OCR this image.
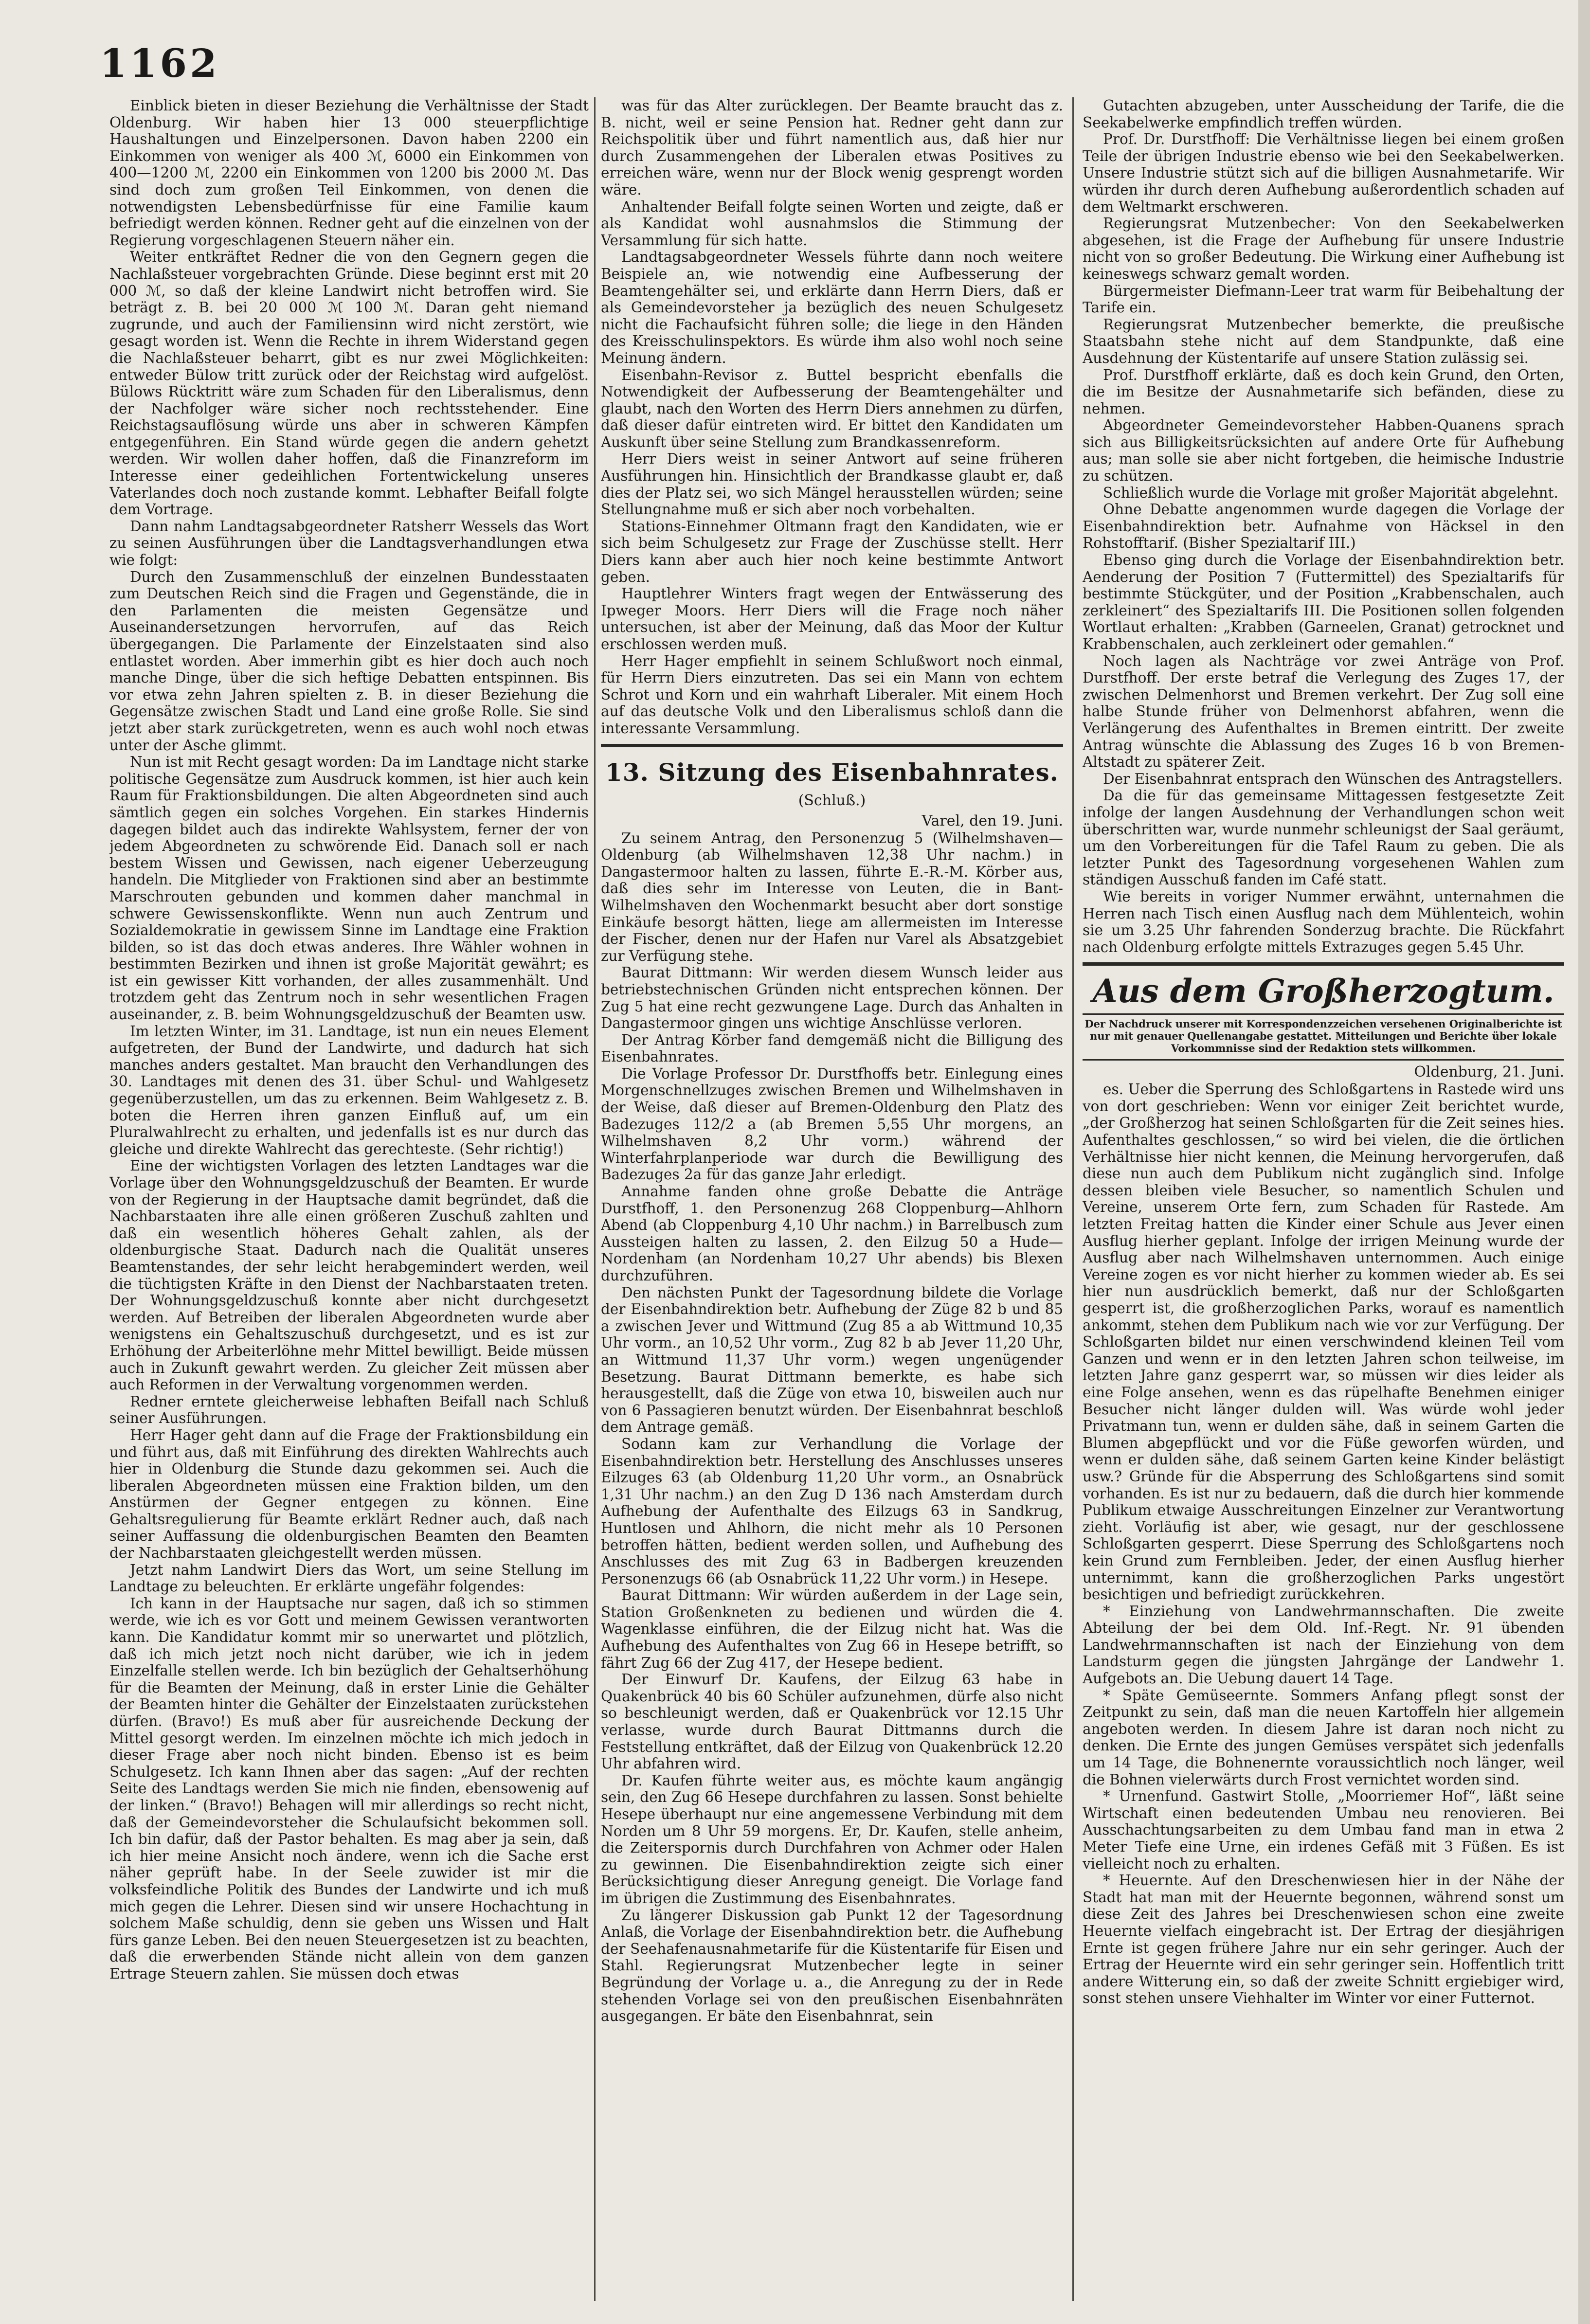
1162

Einblick bieten in dieser Beziehung die Verhältnisse der Stadt Oldenburg. Wir haben hier 13 000 steuerpflichtige Haushaltungen und Einzelpersonen. Davon haben 2200 ein Einkommen von weniger als 400 ℳ, 6000 ein Einkommen von 400—1200 ℳ, 2200 ein Einkommen von 1200 bis 2000 ℳ. Das sind doch zum großen Teil Einkommen, von denen die notwendigsten Lebensbedürfnisse für eine Familie kaum befriedigt werden können. Redner geht auf die einzelnen von der Regierung vorgeschlagenen Steuern näher ein.

Weiter entkräftet Redner die von den Gegnern gegen die Nachlaßsteuer vorgebrachten Gründe. Diese beginnt erst mit 20 000 ℳ, so daß der kleine Landwirt nicht betroffen wird. Sie beträgt z. B. bei 20 000 ℳ 100 ℳ. Daran geht niemand zugrunde, und auch der Familiensinn wird nicht zerstört, wie gesagt worden ist. Wenn die Rechte in ihrem Widerstand gegen die Nachlaßsteuer beharrt, gibt es nur zwei Möglichkeiten: entweder Bülow tritt zurück oder der Reichstag wird aufgelöst. Bülows Rücktritt wäre zum Schaden für den Liberalismus, denn der Nachfolger wäre sicher noch rechtsstehender. Eine Reichstagsauflösung würde uns aber in schweren Kämpfen entgegenführen. Ein Stand würde gegen die andern gehetzt werden. Wir wollen daher hoffen, daß die Finanzreform im Interesse einer gedeihlichen Fortentwickelung unseres Vaterlandes doch noch zustande kommt. Lebhafter Beifall folgte dem Vortrage.

Dann nahm Landtagsabgeordneter Ratsherr Wessels das Wort zu seinen Ausführungen über die Landtagsverhandlungen etwa wie folgt:

Durch den Zusammenschluß der einzelnen Bundesstaaten zum Deutschen Reich sind die Fragen und Gegenstände, die in den Parlamenten die meisten Gegensätze und Auseinandersetzungen hervorrufen, auf das Reich übergegangen. Die Parlamente der Einzelstaaten sind also entlastet worden. Aber immerhin gibt es hier doch auch noch manche Dinge, über die sich heftige Debatten entspinnen. Bis vor etwa zehn Jahren spielten z. B. in dieser Beziehung die Gegensätze zwischen Stadt und Land eine große Rolle. Sie sind jetzt aber stark zurückgetreten, wenn es auch wohl noch etwas unter der Asche glimmt.

Nun ist mit Recht gesagt worden: Da im Landtage nicht starke politische Gegensätze zum Ausdruck kommen, ist hier auch kein Raum für Fraktionsbildungen. Die alten Abgeordneten sind auch sämtlich gegen ein solches Vorgehen. Ein starkes Hindernis dagegen bildet auch das indirekte Wahlsystem, ferner der von jedem Abgeordneten zu schwörende Eid. Danach soll er nach bestem Wissen und Gewissen, nach eigener Ueberzeugung handeln. Die Mitglieder von Fraktionen sind aber an bestimmte Marschrouten gebunden und kommen daher manchmal in schwere Gewissenskonflikte. Wenn nun auch Zentrum und Sozialdemokratie in gewissem Sinne im Landtage eine Fraktion bilden, so ist das doch etwas anderes. Ihre Wähler wohnen in bestimmten Bezirken und ihnen ist große Majorität gewährt; es ist ein gewisser Kitt vorhanden, der alles zusammenhält. Und trotzdem geht das Zentrum noch in sehr wesentlichen Fragen auseinander, z. B. beim Wohnungsgeldzuschuß der Beamten usw.

Im letzten Winter, im 31. Landtage, ist nun ein neues Element aufgetreten, der Bund der Landwirte, und dadurch hat sich manches anders gestaltet. Man braucht den Verhandlungen des 30. Landtages mit denen des 31. über Schul- und Wahlgesetz gegenüberzustellen, um das zu erkennen. Beim Wahlgesetz z. B. boten die Herren ihren ganzen Einfluß auf, um ein Pluralwahlrecht zu erhalten, und jedenfalls ist es nur durch das gleiche und direkte Wahlrecht das gerechteste. (Sehr richtig!)

Eine der wichtigsten Vorlagen des letzten Landtages war die Vorlage über den Wohnungsgeldzuschuß der Beamten. Er wurde von der Regierung in der Hauptsache damit begründet, daß die Nachbarstaaten ihre alle einen größeren Zuschuß zahlten und daß ein wesentlich höheres Gehalt zahlen, als der oldenburgische Staat. Dadurch nach die Qualität unseres Beamtenstandes, der sehr leicht herabgemindert werden, weil die tüchtigsten Kräfte in den Dienst der Nachbarstaaten treten. Der Wohnungsgeldzuschuß konnte aber nicht durchgesetzt werden. Auf Betreiben der liberalen Abgeordneten wurde aber wenigstens ein Gehaltszuschuß durchgesetzt, und es ist zur Erhöhung der Arbeiterlöhne mehr Mittel bewilligt. Beide müssen auch in Zukunft gewahrt werden. Zu gleicher Zeit müssen aber auch Reformen in der Verwaltung vorgenommen werden.

Redner erntete gleicherweise lebhaften Beifall nach Schluß seiner Ausführungen.

Herr Hager geht dann auf die Frage der Fraktionsbildung ein und führt aus, daß mit Einführung des direkten Wahlrechts auch hier in Oldenburg die Stunde dazu gekommen sei. Auch die liberalen Abgeordneten müssen eine Fraktion bilden, um den Anstürmen der Gegner entgegen zu können. Eine Gehaltsregulierung für Beamte erklärt Redner auch, daß nach seiner Auffassung die oldenburgischen Beamten den Beamten der Nachbarstaaten gleichgestellt werden müssen.

Jetzt nahm Landwirt Diers das Wort, um seine Stellung im Landtage zu beleuchten. Er erklärte ungefähr folgendes:

Ich kann in der Hauptsache nur sagen, daß ich so stimmen werde, wie ich es vor Gott und meinem Gewissen verantworten kann. Die Kandidatur kommt mir so unerwartet und plötzlich, daß ich mich jetzt noch nicht darüber, wie ich in jedem Einzelfalle stellen werde. Ich bin bezüglich der Gehaltserhöhung für die Beamten der Meinung, daß in erster Linie die Gehälter der Beamten hinter die Gehälter der Einzelstaaten zurückstehen dürfen. (Bravo!) Es muß aber für ausreichende Deckung der Mittel gesorgt werden. Im einzelnen möchte ich mich jedoch in dieser Frage aber noch nicht binden. Ebenso ist es beim Schulgesetz. Ich kann Ihnen aber das sagen: „Auf der rechten Seite des Landtags werden Sie mich nie finden, ebensowenig auf der linken.“ (Bravo!) Behagen will mir allerdings so recht nicht, daß der Gemeindevorsteher die Schulaufsicht bekommen soll. Ich bin dafür, daß der Pastor behalten. Es mag aber ja sein, daß ich hier meine Ansicht noch ändere, wenn ich die Sache erst näher geprüft habe. In der Seele zuwider ist mir die volksfeindliche Politik des Bundes der Landwirte und ich muß mich gegen die Lehrer. Diesen sind wir unsere Hochachtung in solchem Maße schuldig, denn sie geben uns Wissen und Halt fürs ganze Leben. Bei den neuen Steuergesetzen ist zu beachten, daß die erwerbenden Stände nicht allein von dem ganzen Ertrage Steuern zahlen. Sie müssen doch etwas

was für das Alter zurücklegen. Der Beamte braucht das z. B. nicht, weil er seine Pension hat. Redner geht dann zur Reichspolitik über und führt namentlich aus, daß hier nur durch Zusammengehen der Liberalen etwas Positives zu erreichen wäre, wenn nur der Block wenig gesprengt worden wäre.

Anhaltender Beifall folgte seinen Worten und zeigte, daß er als Kandidat wohl ausnahmslos die Stimmung der Versammlung für sich hatte.

Landtagsabgeordneter Wessels führte dann noch weitere Beispiele an, wie notwendig eine Aufbesserung der Beamtengehälter sei, und erklärte dann Herrn Diers, daß er als Gemeindevorsteher ja bezüglich des neuen Schulgesetz nicht die Fachaufsicht führen solle; die liege in den Händen des Kreisschulinspektors. Es würde ihm also wohl noch seine Meinung ändern.

Eisenbahn-Revisor z. Buttel bespricht ebenfalls die Notwendigkeit der Aufbesserung der Beamtengehälter und glaubt, nach den Worten des Herrn Diers annehmen zu dürfen, daß dieser dafür eintreten wird. Er bittet den Kandidaten um Auskunft über seine Stellung zum Brandkassenreform.

Herr Diers weist in seiner Antwort auf seine früheren Ausführungen hin. Hinsichtlich der Brandkasse glaubt er, daß dies der Platz sei, wo sich Mängel herausstellen würden; seine Stellungnahme muß er sich aber noch vorbehalten.

Stations-Einnehmer Oltmann fragt den Kandidaten, wie er sich beim Schulgesetz zur Frage der Zuschüsse stellt. Herr Diers kann aber auch hier noch keine bestimmte Antwort geben.

Hauptlehrer Winters fragt wegen der Entwässerung des Ipweger Moors. Herr Diers will die Frage noch näher untersuchen, ist aber der Meinung, daß das Moor der Kultur erschlossen werden muß.

Herr Hager empfiehlt in seinem Schlußwort noch einmal, für Herrn Diers einzutreten. Das sei ein Mann von echtem Schrot und Korn und ein wahrhaft Liberaler. Mit einem Hoch auf das deutsche Volk und den Liberalismus schloß dann die interessante Versammlung.

13. Sitzung des Eisenbahnrates.
(Schluß.)
Varel, den 19. Juni.

Zu seinem Antrag, den Personenzug 5 (Wilhelmshaven—Oldenburg (ab Wilhelmshaven 12,38 Uhr nachm.) in Dangastermoor halten zu lassen, führte E.-R.-M. Körber aus, daß dies sehr im Interesse von Leuten, die in Bant-Wilhelmshaven den Wochenmarkt besucht aber dort sonstige Einkäufe besorgt hätten, liege am allermeisten im Interesse der Fischer, denen nur der Hafen nur Varel als Absatzgebiet zur Verfügung stehe.

Baurat Dittmann: Wir werden diesem Wunsch leider aus betriebstechnischen Gründen nicht entsprechen können. Der Zug 5 hat eine recht gezwungene Lage. Durch das Anhalten in Dangastermoor gingen uns wichtige Anschlüsse verloren.

Der Antrag Körber fand demgemäß nicht die Billigung des Eisenbahnrates.

Die Vorlage Professor Dr. Durstfhoffs betr. Einlegung eines Morgenschnellzuges zwischen Bremen und Wilhelmshaven in der Weise, daß dieser auf Bremen-Oldenburg den Platz des Badezuges 112/2 a (ab Bremen 5,55 Uhr morgens, an Wilhelmshaven 8,2 Uhr vorm.) während der Winterfahrplanperiode war durch die Bewilligung des Badezuges 2a für das ganze Jahr erledigt.

Annahme fanden ohne große Debatte die Anträge Durstfhoff, 1. den Personenzug 268 Cloppenburg—Ahlhorn Abend (ab Cloppenburg 4,10 Uhr nachm.) in Barrelbusch zum Aussteigen halten zu lassen, 2. den Eilzug 50 a Hude—Nordenham (an Nordenham 10,27 Uhr abends) bis Blexen durchzuführen.

Den nächsten Punkt der Tagesordnung bildete die Vorlage der Eisenbahndirektion betr. Aufhebung der Züge 82 b und 85 a zwischen Jever und Wittmund (Zug 85 a ab Wittmund 10,35 Uhr vorm., an 10,52 Uhr vorm., Zug 82 b ab Jever 11,20 Uhr, an Wittmund 11,37 Uhr vorm.) wegen ungenügender Besetzung. Baurat Dittmann bemerkte, es habe sich herausgestellt, daß die Züge von etwa 10, bisweilen auch nur von 6 Passagieren benutzt würden. Der Eisenbahnrat beschloß dem Antrage gemäß.

Sodann kam zur Verhandlung die Vorlage der Eisenbahndirektion betr. Herstellung des Anschlusses unseres Eilzuges 63 (ab Oldenburg 11,20 Uhr vorm., an Osnabrück 1,31 Uhr nachm.) an den Zug D 136 nach Amsterdam durch Aufhebung der Aufenthalte des Eilzugs 63 in Sandkrug, Huntlosen und Ahlhorn, die nicht mehr als 10 Personen betroffen hätten, bedient werden sollen, und Aufhebung des Anschlusses des mit Zug 63 in Badbergen kreuzenden Personenzugs 66 (ab Osnabrück 11,22 Uhr vorm.) in Hesepe.

Baurat Dittmann: Wir würden außerdem in der Lage sein, Station Großenkneten zu bedienen und würden die 4. Wagenklasse einführen, die der Eilzug nicht hat. Was die Aufhebung des Aufenthaltes von Zug 66 in Hesepe betrifft, so fährt Zug 66 der Zug 417, der Hesepe bedient.

Der Einwurf Dr. Kaufens, der Eilzug 63 habe in Quakenbrück 40 bis 60 Schüler aufzunehmen, dürfe also nicht so beschleunigt werden, daß er Quakenbrück vor 12.15 Uhr verlasse, wurde durch Baurat Dittmanns durch die Feststellung entkräftet, daß der Eilzug von Quakenbrück 12.20 Uhr abfahren wird.

Dr. Kaufen führte weiter aus, es möchte kaum angängig sein, den Zug 66 Hesepe durchfahren zu lassen. Sonst behielte Hesepe überhaupt nur eine angemessene Verbindung mit dem Norden um 8 Uhr 59 morgens. Er, Dr. Kaufen, stelle anheim, die Zeiterspornis durch Durchfahren von Achmer oder Halen zu gewinnen. Die Eisenbahndirektion zeigte sich einer Berücksichtigung dieser Anregung geneigt. Die Vorlage fand im übrigen die Zustimmung des Eisenbahnrates.

Zu längerer Diskussion gab Punkt 12 der Tagesordnung Anlaß, die Vorlage der Eisenbahndirektion betr. die Aufhebung der Seehafenausnahmetarife für die Küstentarife für Eisen und Stahl. Regierungsrat Mutzenbecher legte in seiner Begründung der Vorlage u. a., die Anregung zu der in Rede stehenden Vorlage sei von den preußischen Eisenbahnräten ausgegangen. Er bäte den Eisenbahnrat, sein

Gutachten abzugeben, unter Ausscheidung der Tarife, die die Seekabelwerke empfindlich treffen würden.

Prof. Dr. Durstfhoff: Die Verhältnisse liegen bei einem großen Teile der übrigen Industrie ebenso wie bei den Seekabelwerken. Unsere Industrie stützt sich auf die billigen Ausnahmetarife. Wir würden ihr durch deren Aufhebung außerordentlich schaden auf dem Weltmarkt erschweren.

Regierungsrat Mutzenbecher: Von den Seekabelwerken abgesehen, ist die Frage der Aufhebung für unsere Industrie nicht von so großer Bedeutung. Die Wirkung einer Aufhebung ist keineswegs schwarz gemalt worden.

Bürgermeister Diefmann-Leer trat warm für Beibehaltung der Tarife ein.

Regierungsrat Mutzenbecher bemerkte, die preußische Staatsbahn stehe nicht auf dem Standpunkte, daß eine Ausdehnung der Küstentarife auf unsere Station zulässig sei.

Prof. Durstfhoff erklärte, daß es doch kein Grund, den Orten, die im Besitze der Ausnahmetarife sich befänden, diese zu nehmen.

Abgeordneter Gemeindevorsteher Habben-Quanens sprach sich aus Billigkeitsrücksichten auf andere Orte für Aufhebung aus; man solle sie aber nicht fortgeben, die heimische Industrie zu schützen.

Schließlich wurde die Vorlage mit großer Majorität abgelehnt.

Ohne Debatte angenommen wurde dagegen die Vorlage der Eisenbahndirektion betr. Aufnahme von Häcksel in den Rohstofftarif. (Bisher Spezialtarif III.)

Ebenso ging durch die Vorlage der Eisenbahndirektion betr. Aenderung der Position 7 (Futtermittel) des Spezialtarifs für bestimmte Stückgüter, und der Position „Krabbenschalen, auch zerkleinert“ des Spezialtarifs III. Die Positionen sollen folgenden Wortlaut erhalten: „Krabben (Garneelen, Granat) getrocknet und Krabbenschalen, auch zerkleinert oder gemahlen.“

Noch lagen als Nachträge vor zwei Anträge von Prof. Durstfhoff. Der erste betraf die Verlegung des Zuges 17, der zwischen Delmenhorst und Bremen verkehrt. Der Zug soll eine halbe Stunde früher von Delmenhorst abfahren, wenn die Verlängerung des Aufenthaltes in Bremen eintritt. Der zweite Antrag wünschte die Ablassung des Zuges 16 b von Bremen-Altstadt zu späterer Zeit.

Der Eisenbahnrat entsprach den Wünschen des Antragstellers.

Da die für das gemeinsame Mittagessen festgesetzte Zeit infolge der langen Ausdehnung der Verhandlungen schon weit überschritten war, wurde nunmehr schleunigst der Saal geräumt, um den Vorbereitungen für die Tafel Raum zu geben. Die als letzter Punkt des Tagesordnung vorgesehenen Wahlen zum ständigen Ausschuß fanden im Café statt.

Wie bereits in voriger Nummer erwähnt, unternahmen die Herren nach Tisch einen Ausflug nach dem Mühlenteich, wohin sie um 3.25 Uhr fahrenden Sonderzug brachte. Die Rückfahrt nach Oldenburg erfolgte mittels Extrazuges gegen 5.45 Uhr.

Aus dem Großherzogtum.
Der Nachdruck unserer mit Korrespondenzzeichen versehenen Originalberichte ist nur mit genauer Quellenangabe gestattet. Mitteilungen und Berichte über lokale Vorkommnisse sind der Redaktion stets willkommen.
Oldenburg, 21. Juni.

es. Ueber die Sperrung des Schloßgartens in Rastede wird uns von dort geschrieben: Wenn vor einiger Zeit berichtet wurde, „der Großherzog hat seinen Schloßgarten für die Zeit seines hies. Aufenthaltes geschlossen,“ so wird bei vielen, die die örtlichen Verhältnisse hier nicht kennen, die Meinung hervorgerufen, daß diese nun auch dem Publikum nicht zugänglich sind. Infolge dessen bleiben viele Besucher, so namentlich Schulen und Vereine, unserem Orte fern, zum Schaden für Rastede. Am letzten Freitag hatten die Kinder einer Schule aus Jever einen Ausflug hierher geplant. Infolge der irrigen Meinung wurde der Ausflug aber nach Wilhelmshaven unternommen. Auch einige Vereine zogen es vor nicht hierher zu kommen wieder ab. Es sei hier nun ausdrücklich bemerkt, daß nur der Schloßgarten gesperrt ist, die großherzoglichen Parks, worauf es namentlich ankommt, stehen dem Publikum nach wie vor zur Verfügung. Der Schloßgarten bildet nur einen verschwindend kleinen Teil vom Ganzen und wenn er in den letzten Jahren schon teilweise, im letzten Jahre ganz gesperrt war, so müssen wir dies leider als eine Folge ansehen, wenn es das rüpelhafte Benehmen einiger Besucher nicht länger dulden will. Was würde wohl jeder Privatmann tun, wenn er dulden sähe, daß in seinem Garten die Blumen abgepflückt und vor die Füße geworfen würden, und wenn er dulden sähe, daß seinem Garten keine Kinder belästigt usw.? Gründe für die Absperrung des Schloßgartens sind somit vorhanden. Es ist nur zu bedauern, daß die durch hier kommende Publikum etwaige Ausschreitungen Einzelner zur Verantwortung zieht. Vorläufig ist aber, wie gesagt, nur der geschlossene Schloßgarten gesperrt. Diese Sperrung des Schloßgartens noch kein Grund zum Fernbleiben. Jeder, der einen Ausflug hierher unternimmt, kann die großherzoglichen Parks ungestört besichtigen und befriedigt zurückkehren.

* Einziehung von Landwehrmannschaften. Die zweite Abteilung der bei dem Old. Inf.-Regt. Nr. 91 übenden Landwehrmannschaften ist nach der Einziehung von dem Landsturm gegen die jüngsten Jahrgänge der Landwehr 1. Aufgebots an. Die Uebung dauert 14 Tage.

* Späte Gemüseernte. Sommers Anfang pflegt sonst der Zeitpunkt zu sein, daß man die neuen Kartoffeln hier allgemein angeboten werden. In diesem Jahre ist daran noch nicht zu denken. Die Ernte des jungen Gemüses verspätet sich jedenfalls um 14 Tage, die Bohnenernte voraussichtlich noch länger, weil die Bohnen vielerwärts durch Frost vernichtet worden sind.

* Urnenfund. Gastwirt Stolle, „Moorriemer Hof“, läßt seine Wirtschaft einen bedeutenden Umbau neu renovieren. Bei Ausschachtungsarbeiten zu dem Umbau fand man in etwa 2 Meter Tiefe eine Urne, ein irdenes Gefäß mit 3 Füßen. Es ist vielleicht noch zu erhalten.

* Heuernte. Auf den Dreschenwiesen hier in der Nähe der Stadt hat man mit der Heuernte begonnen, während sonst um diese Zeit des Jahres bei Dreschenwiesen schon eine zweite Heuernte vielfach eingebracht ist. Der Ertrag der diesjährigen Ernte ist gegen frühere Jahre nur ein sehr geringer. Auch der Ertrag der Heuernte wird ein sehr geringer sein. Hoffentlich tritt andere Witterung ein, so daß der zweite Schnitt ergiebiger wird, sonst stehen unsere Viehhalter im Winter vor einer Futternot.
